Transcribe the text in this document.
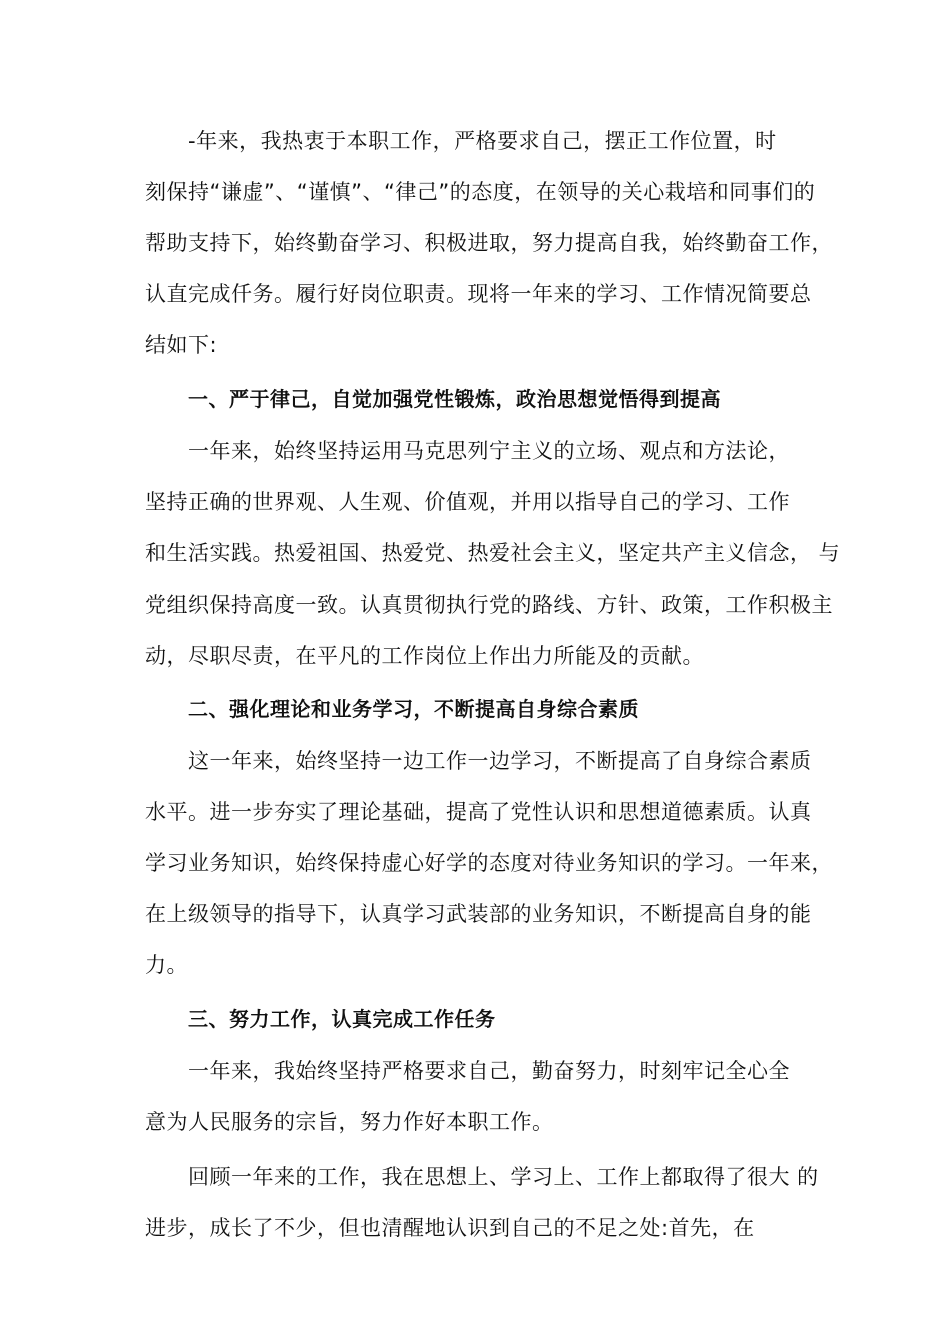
-年来，我热衷于本职工作，严格要求自己，摆正工作位置，时
刻保持“谦虚”、“谨慎”、“律己”的态度，在领导的关心栽培和同事们的
帮助支持下，始终勤奋学习、积极进取，努力提高自我，始终勤奋工作，
认直完成仟务。履行好岗位职责。现将一年来的学习、工作情况简要总
结如下:
一、严于律己，自觉加强党性锻炼，政治思想觉悟得到提高
一年来，始终坚持运用马克思列宁主义的立场、观点和方法论，
坚持正确的世界观、人生观、价值观，并用以指导自己的学习、工作
和生活实践。热爱祖国、热爱党、热爱社会主义，坚定共产主义信念， 与
党组织保持高度一致。认真贯彻执行党的路线、方针、政策，工作积极主
动，尽职尽责，在平凡的工作岗位上作出力所能及的贡献。
二、强化理论和业务学习，不断提高自身综合素质
这一年来，始终坚持一边工作一边学习，不断提高了自身综合素质
水平。进一步夯实了理论基础，提高了党性认识和思想道德素质。认真
学习业务知识，始终保持虚心好学的态度对待业务知识的学习。一年来，
在上级领导的指导下，认真学习武装部的业务知识，不断提高自身的能
力。
三、努力工作，认真完成工作任务
一年来，我始终坚持严格要求自己，勤奋努力，时刻牢记全心全
意为人民服务的宗旨，努力作好本职工作。
回顾一年来的工作，我在思想上、学习上、工作上都取得了很大 的
进步，成长了不少，但也清醒地认识到自己的不足之处:首先，在
